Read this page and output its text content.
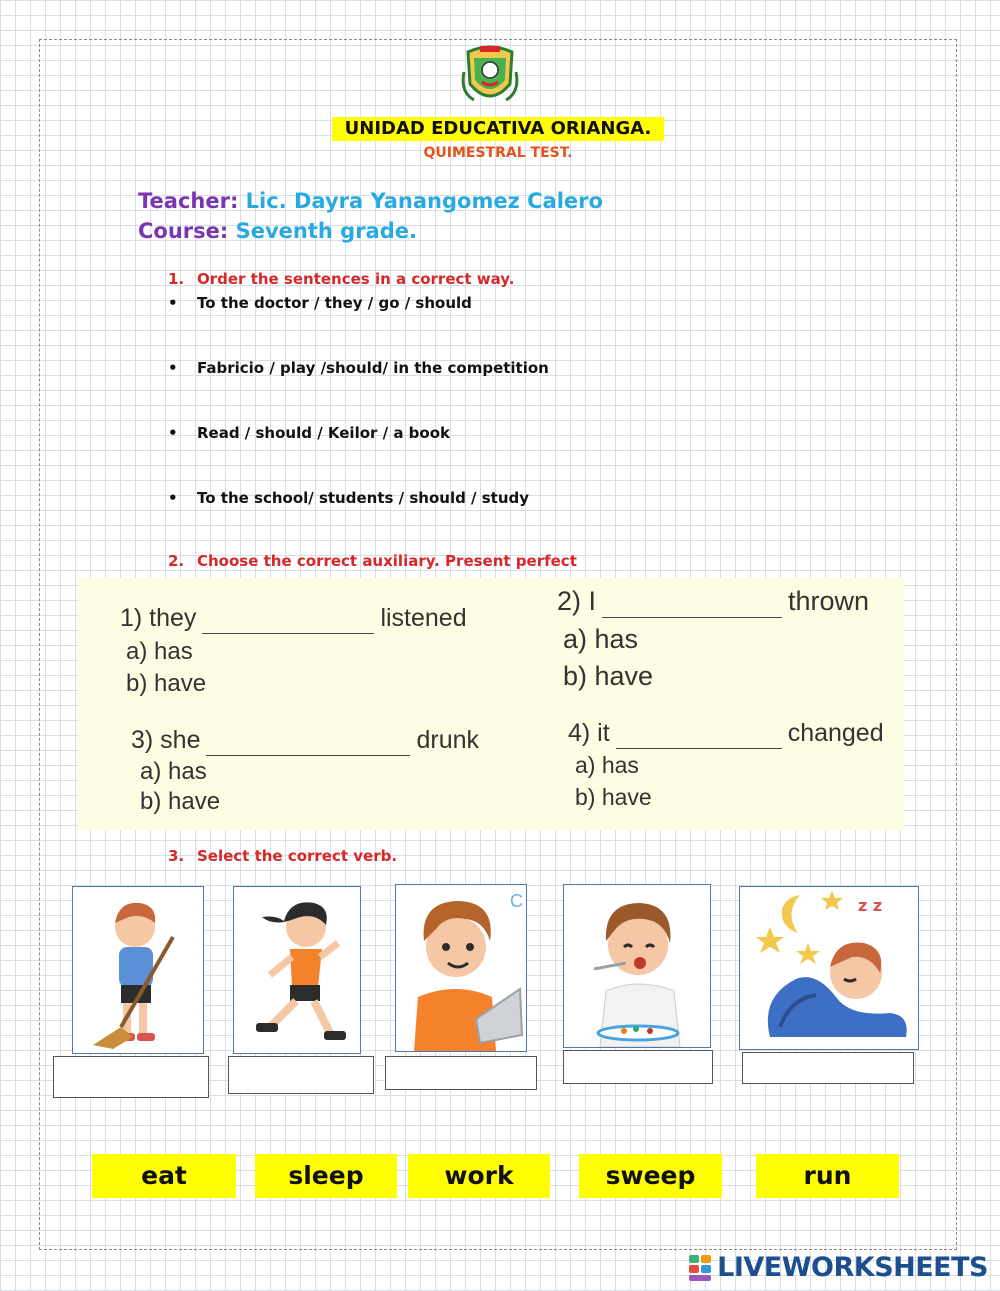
UNIDAD EDUCATIVA ORIANGA.
QUIMESTRAL TEST.
Teacher: Lic. Dayra Yanangomez Calero
Course: Seventh grade.
1. Order the sentences in a correct way.
• To the doctor / they / go / should
• Fabricio / play /should/ in the competition
• Read / should / Keilor / a book
• To the school/ students / should / study
2. Choose the correct auxiliary. Present perfect
1) they	listened
a) has
b) have
2) I	thrown
a) has
b) have
3) she	drunk
a) has
b) have
4) it	changed
a) has
b) have
3. Select the correct verb.
C	z z
eat	sleep	work	sweep	run
LIVEWORKSHEETS
